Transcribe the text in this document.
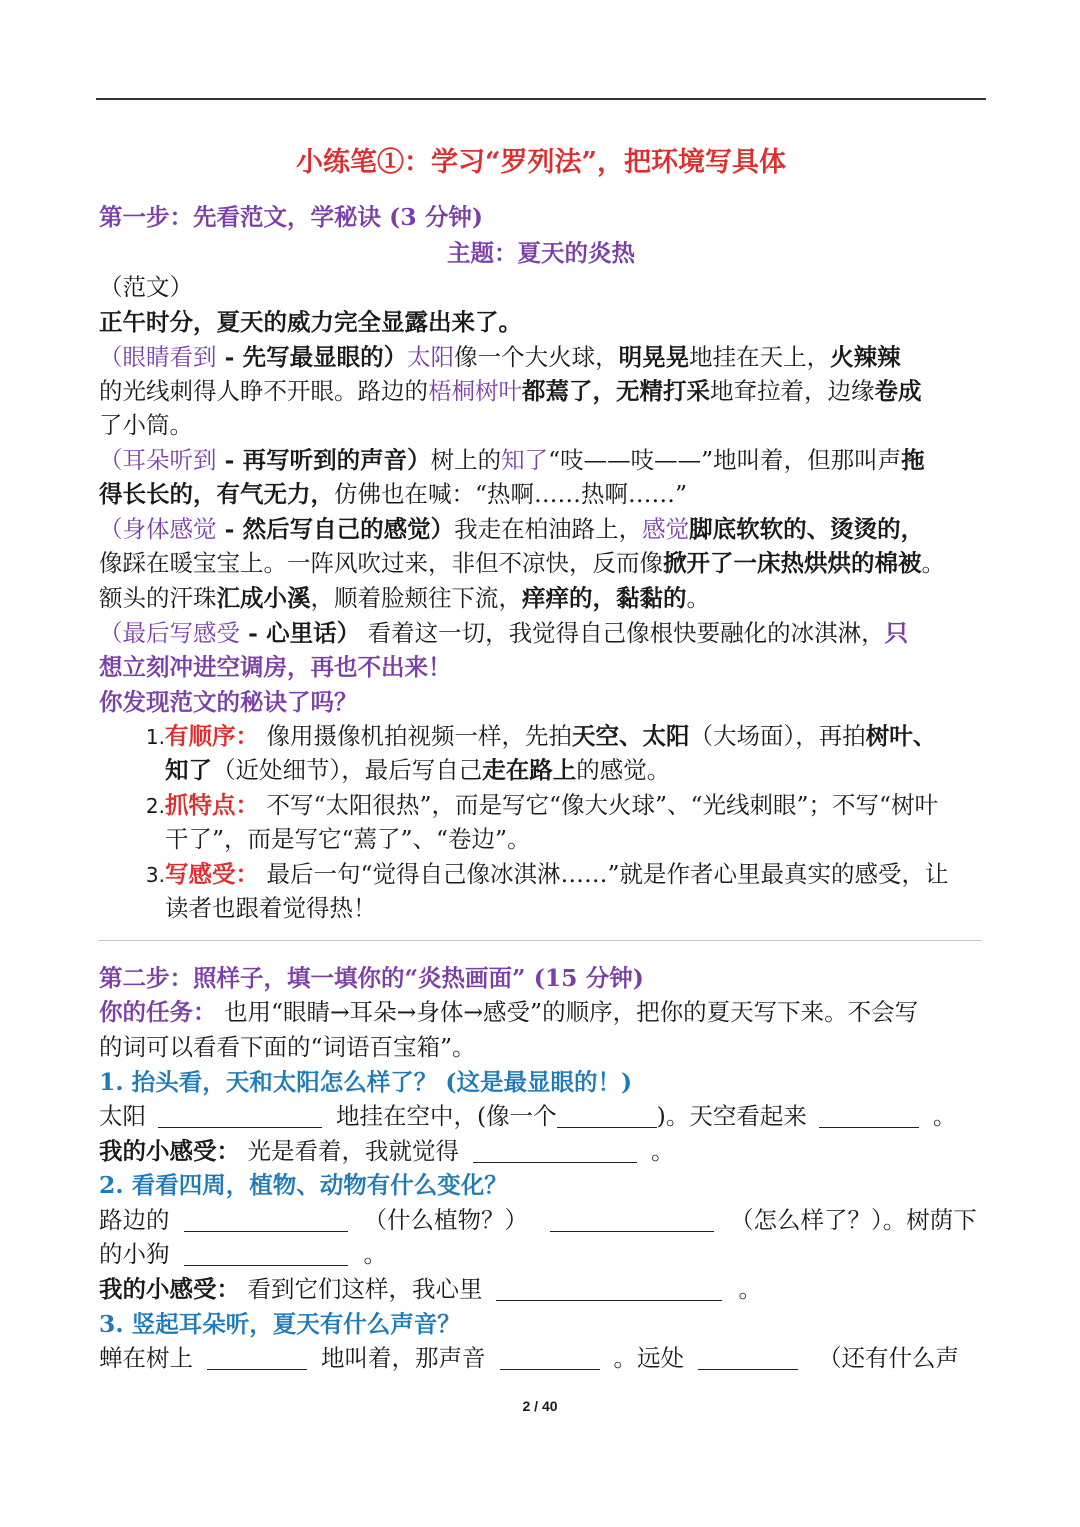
小练笔①：学习“罗列法”，把环境写具体
第一步：先看范文，学秘诀 (3 分钟)
主题：夏天的炎热
（范文）
正午时分，夏天的威力完全显露出来了。
（眼睛看到 - 先写最显眼的）太阳像一个大火球，明晃晃地挂在天上，火辣辣
的光线刺得人睁不开眼。路边的梧桐树叶都蔫了，无精打采地耷拉着，边缘卷成
了小筒。
（耳朵听到 - 再写听到的声音）树上的知了“吱——吱——”地叫着，但那叫声拖
得长长的，有气无力，仿佛也在喊：“热啊……热啊……”
（身体感觉 - 然后写自己的感觉）我走在柏油路上，感觉脚底软软的、烫烫的，
像踩在暖宝宝上。一阵风吹过来，非但不凉快，反而像掀开了一床热烘烘的棉被。
额头的汗珠汇成小溪，顺着脸颊往下流，痒痒的，黏黏的。
（最后写感受 - 心里话） 看着这一切，我觉得自己像根快要融化的冰淇淋，只
想立刻冲进空调房，再也不出来！
你发现范文的秘诀了吗？
1.有顺序： 像用摄像机拍视频一样，先拍天空、太阳（大场面），再拍树叶、
知了（近处细节），最后写自己走在路上的感觉。
2.抓特点： 不写“太阳很热”，而是写它“像大火球”、“光线刺眼”；不写“树叶
干了”，而是写它“蔫了”、“卷边”。
3.写感受： 最后一句“觉得自己像冰淇淋……”就是作者心里最真实的感受，让
读者也跟着觉得热！
第二步：照样子，填一填你的“炎热画面” (15 分钟)
你的任务： 也用“眼睛→耳朵→身体→感受”的顺序，把你的夏天写下来。不会写
的词可以看看下面的“词语百宝箱”。
1. 抬头看，天和太阳怎么样了？ (这是最显眼的！)
太阳	地挂在空中，(像一个	)。天空看起来	。
我的小感受： 光是看着，我就觉得	。
2. 看看四周，植物、动物有什么变化？
路边的	（什么植物？）	（怎么样了？）。树荫下
的小狗	。
我的小感受： 看到它们这样，我心里	。
3. 竖起耳朵听，夏天有什么声音？
蝉在树上	地叫着，那声音	。远处	（还有什么声
2 / 40
